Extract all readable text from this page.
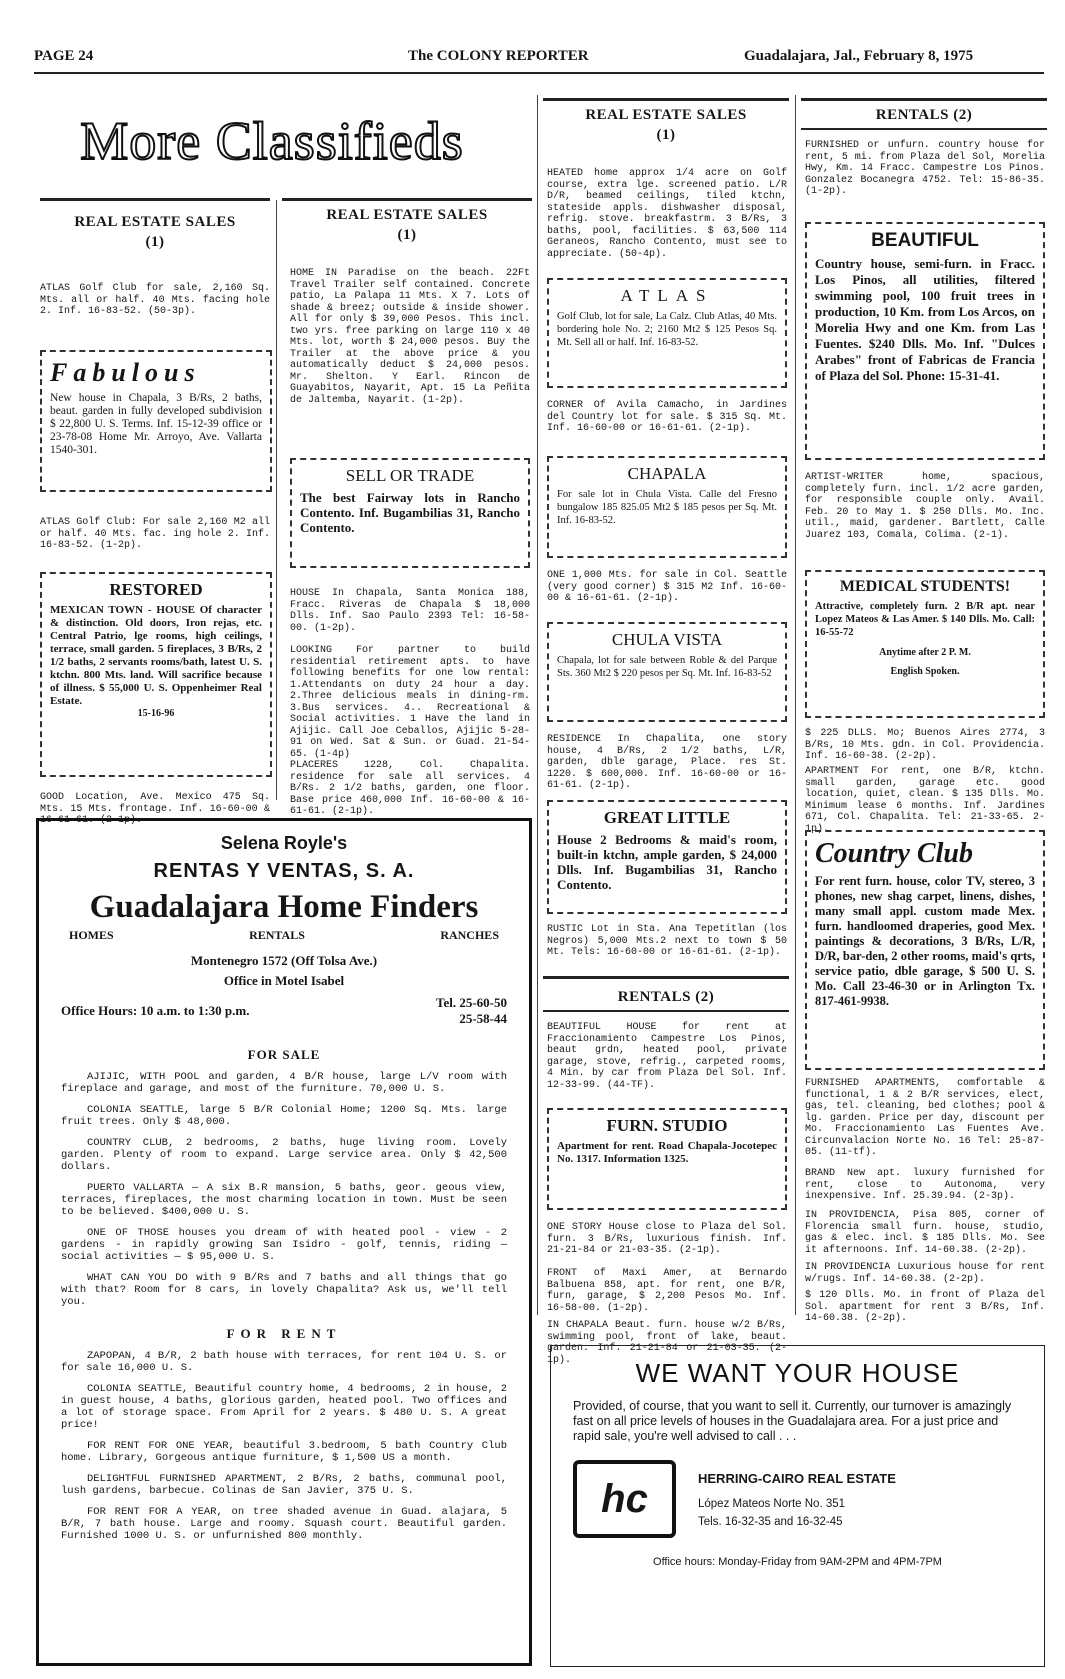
PAGE 24	The COLONY REPORTER	Guadalajara, Jal., February 8, 1975
More Classifieds
REAL ESTATE SALES
(1)
ATLAS Golf Club for sale, 2,160 Sq. Mts. all or half. 40 Mts. facing hole 2. Inf. 16-83-52. (50-3p).
Fabulous
New house in Chapala, 3 B/Rs, 2 baths, beaut. garden in fully developed subdivision $ 22,800 U. S. Terms. Inf. 15-12-39 office or 23-78-08 Home Mr. Arroyo, Ave. Vallarta 1540-301.
ATLAS Golf Club: For sale 2,160 M2 all or half. 40 Mts. fac. ing hole 2. Inf. 16-83-52. (1-2p).
RESTORED
MEXICAN TOWN - HOUSE Of character & distinction. Old doors, Iron rejas, etc. Central Patrio, lge rooms, high ceilings, terrace, small garden. 5 fireplaces, 3 B/Rs, 2 1/2 baths, 2 servants rooms/bath, latest U. S. ktchn. 800 Mts. land. Will sacrifice because of illness. $ 55,000 U. S. Oppenheimer Real Estate.
15-16-96
GOOD Location, Ave. Mexico 475 Sq. Mts. 15 Mts. frontage. Inf. 16-60-00 & 16-61-61. (2-1p).
REAL ESTATE SALES
(1)
HOME IN Paradise on the beach. 22Ft Travel Trailer self contained. Concrete patio, La Palapa 11 Mts. X 7. Lots of shade & breez; outside & inside shower. All for only $ 39,000 Pesos. This incl. two yrs. free parking on large 110 x 40 Mts. lot, worth $ 24,000 pesos. Buy the Trailer at the above price & you automatically deduct $ 24,000 pesos. Mr. Shelton. Y Earl. Rincon de Guayabitos, Nayarit, Apt. 15 La Peñita de Jaltemba, Nayarit. (1-2p).
SELL OR TRADE
The best Fairway lots in Rancho Contento. Inf. Bugambilias 31, Rancho Contento.
HOUSE In Chapala, Santa Monica 188, Fracc. Riveras de Chapala $ 18,000 Dlls. Inf. Sao Paulo 2393 Tel: 16-58-00. (1-2p).
LOOKING For partner to build residential retirement apts. to have following benefits for one low rental: 1.Attendants on duty 24 hour a day. 2.Three delicious meals in dining-rm. 3.Bus services. 4.. Recreational & Social activities. 1 Have the land in Ajijic. Call Joe Ceballos, Ajijic 5-28-91 on Wed. Sat & Sun. or Guad. 21-54-65. (1-4p)
PLACERES 1228, Col. Chapalita. residence for sale all services. 4 B/Rs. 2 1/2 baths, garden, one floor. Base price 460,000 Inf. 16-60-00 & 16-61-61. (2-1p).
Selena Royle's
RENTAS Y VENTAS, S. A.
Guadalajara Home Finders
HOMES	RENTALS	RANCHES
Montenegro 1572 (Off Tolsa Ave.)
Office in Motel Isabel
Office Hours: 10 a.m. to 1:30 p.m.
Tel. 25-60-50
25-58-44
FOR SALE
AJIJIC, WITH POOL and garden, 4 B/R house, large L/V room with fireplace and garage, and most of the furniture. 70,000 U. S.
COLONIA SEATTLE, large 5 B/R Colonial Home; 1200 Sq. Mts. large fruit trees. Only $ 48,000.
COUNTRY CLUB, 2 bedrooms, 2 baths, huge living room. Lovely garden. Plenty of room to expand. Large service area. Only $ 42,500 dollars.
PUERTO VALLARTA — A six B.R mansion, 5 baths, geor. geous view, terraces, fireplaces, the most charming location in town. Must be seen to be believed. $400,000 U. S.
ONE OF THOSE houses you dream of with heated pool - view - 2 gardens - in rapidly growing San Isidro - golf, tennis, riding — social activities — $ 95,000 U. S.
WHAT CAN YOU DO with 9 B/Rs and 7 baths and all things that go with that? Room for 8 cars, in lovely Chapalita? Ask us, we'll tell you.
FOR RENT
ZAPOPAN, 4 B/R, 2 bath house with terraces, for rent 104 U. S. or for sale 16,000 U. S.
COLONIA SEATTLE, Beautiful country home, 4 bedrooms, 2 in house, 2 in guest house, 4 baths, glorious garden, heated pool. Two offices and a lot of storage space. From April for 2 years. $ 480 U. S. A great price!
FOR RENT FOR ONE YEAR, beautiful 3.bedroom, 5 bath Country Club home. Library, Gorgeous antique furniture, $ 1,500 US a month.
DELIGHTFUL FURNISHED APARTMENT, 2 B/Rs, 2 baths, communal pool, lush gardens, barbecue. Colinas de San Javier, 375 U. S.
FOR RENT FOR A YEAR, on tree shaded avenue in Guad. alajara, 5 B/R, 7 bath house. Large and roomy. Squash court. Beautiful garden. Furnished 1000 U. S. or unfurnished 800 monthly.
REAL ESTATE SALES
(1)
HEATED home approx 1/4 acre on Golf course, extra lge. screened patio. L/R D/R, beamed ceilings, tiled ktchn, stateside appls. dishwasher disposal, refrig. stove. breakfastrm. 3 B/Rs, 3 baths, pool, facilities. $ 63,500 114 Geraneos, Rancho Contento, must see to appreciate. (50-4p).
ATLAS
Golf Club, lot for sale, La Calz. Club Atlas, 40 Mts. bordering hole No. 2; 2160 Mt2 $ 125 Pesos Sq. Mt. Sell all or half. Inf. 16-83-52.
CORNER Of Avila Camacho, in Jardines del Country lot for sale. $ 315 Sq. Mt. Inf. 16-60-00 or 16-61-61. (2-1p).
CHAPALA
For sale lot in Chula Vista. Calle del Fresno bungalow 185 825.05 Mt2 $ 185 pesos per Sq. Mt. Inf. 16-83-52.
ONE 1,000 Mts. for sale in Col. Seattle (very good corner) $ 315 M2 Inf. 16-60-00 & 16-61-61. (2-1p).
CHULA VISTA
Chapala, lot for sale between Roble & del Parque Sts. 360 Mt2 $ 220 pesos per Sq. Mt. Inf. 16-83-52
RESIDENCE In Chapalita, one story house, 4 B/Rs, 2 1/2 baths, L/R, garden, dble garage, Place. res St. 1220. $ 600,000. Inf. 16-60-00 or 16-61-61. (2-1p).
GREAT LITTLE
House 2 Bedrooms & maid's room, built-in ktchn, ample garden, $ 24,000 Dlls. Inf. Bugambilias 31, Rancho Contento.
RUSTIC Lot in Sta. Ana Tepetitlan (los Negros) 5,000 Mts.2 next to town $ 50 Mt. Tels: 16-60-00 or 16-61-61. (2-1p).
RENTALS (2)
BEAUTIFUL HOUSE for rent at Fraccionamiento Campestre Los Pinos, beaut grdn, heated pool, private garage, stove, refrig., carpeted rooms, 4 Min. by car from Plaza Del Sol. Inf. 12-33-99. (44-TF).
FURN. STUDIO
Apartment for rent. Road Chapala-Jocotepec No. 1317. Information 1325.
ONE STORY House close to Plaza del Sol. furn. 3 B/Rs, luxurious finish. Inf. 21-21-84 or 21-03-35. (2-1p).
FRONT of Maxi Amer, at Bernardo Balbuena 858, apt. for rent, one B/R, furn, garage, $ 2,200 Pesos Mo. Inf. 16-58-00. (1-2p).
IN CHAPALA Beaut. furn. house w/2 B/Rs, swimming pool, front of lake, beaut. garden. Inf. 21-21-84 or 21-03-35. (2-1p).
RENTALS (2)
FURNISHED or unfurn. country house for rent, 5 mi. from Plaza del Sol, Morelia Hwy, Km. 14 Fracc. Campestre Los Pinos. Gonzalez Bocanegra 4752. Tel: 15-86-35. (1-2p).
BEAUTIFUL
Country house, semi-furn. in Fracc. Los Pinos, all utilities, filtered swimming pool, 100 fruit trees in production, 10 Km. from Los Arcos, on Morelia Hwy and one Km. from Las Fuentes. $240 Dlls. Mo. Inf. "Dulces Arabes" front of Fabricas de Francia of Plaza del Sol. Phone: 15-31-41.
ARTIST-WRITER home, spacious, completely furn. incl. 1/2 acre garden, for responsible couple only. Avail. Feb. 20 to May 1. $ 250 Dlls. Mo. Inc. util., maid, gardener. Bartlett, Calle Juarez 103, Comala, Colima. (2-1).
MEDICAL STUDENTS!
Attractive, completely furn. 2 B/R apt. near Lopez Mateos & Las Amer. $ 140 Dlls. Mo. Call: 16-55-72
Anytime after 2 P. M.
English Spoken.
$ 225 DLLS. Mo; Buenos Aires 2774, 3 B/Rs, 10 Mts. gdn. in Col. Providencia. Inf. 16-60-38. (2-2p).
APARTMENT For rent, one B/R, ktchn. small garden, garage etc. good location, quiet, clean. $ 135 Dlls. Mo. Minimum lease 6 months. Inf. Jardines 671, Col. Chapalita. Tel: 21-33-65. 2-1p).
Country Club
For rent furn. house, color TV, stereo, 3 phones, new shag carpet, linens, dishes, many small appl. custom made Mex. furn. handloomed draperies, good Mex. paintings & decorations, 3 B/Rs, L/R, D/R, bar-den, 2 other rooms, maid's qrts, service patio, dble garage, $ 500 U. S. Mo. Call 23-46-30 or in Arlington Tx. 817-461-9938.
FURNISHED APARTMENTS, comfortable & functional, 1 & 2 B/R services, elect, gas, tel. cleaning, bed clothes; pool & lg. garden. Price per day, discount per Mo. Fraccionamiento Las Fuentes Ave. Circunvalacion Norte No. 16 Tel: 25-87-05. (11-tf).
BRAND New apt. luxury furnished for rent, close to Autonoma, very inexpensive. Inf. 25.39.94. (2-3p).
IN PROVIDENCIA, Pisa 805, corner of Florencia small furn. house, studio, gas & elec. incl. $ 185 Dlls. Mo. See it afternoons. Inf. 14-60.38. (2-2p).
IN PROVIDENCIA Luxurious house for rent w/rugs. Inf. 14-60.38. (2-2p).
$ 120 Dlls. Mo. in front of Plaza del Sol. apartment for rent 3 B/Rs, Inf. 14-60.38. (2-2p).
WE WANT YOUR HOUSE
Provided, of course, that you want to sell it. Currently, our turnover is amazingly fast on all price levels of houses in the Guadalajara area. For a just price and rapid sale, you're well advised to call . . .
hc	HERRING-CAIRO REAL ESTATE
López Mateos Norte No. 351
Tels. 16-32-35 and 16-32-45
Office hours: Monday-Friday from 9AM-2PM and 4PM-7PM
